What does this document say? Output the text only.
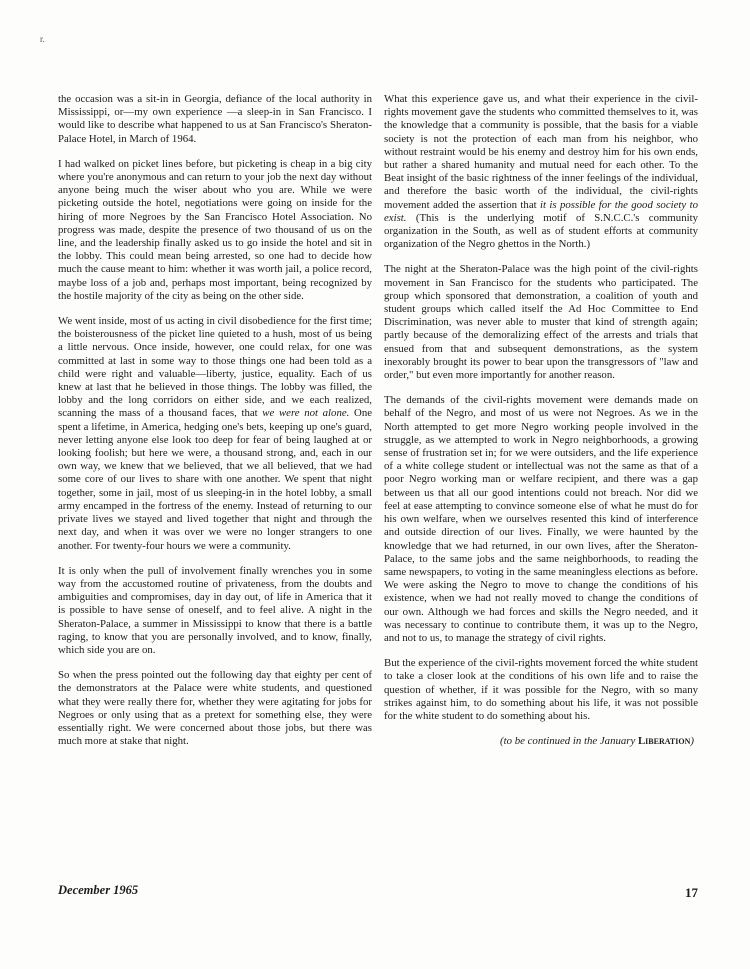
r.

the occasion was a sit-in in Georgia, defiance of the local authority in Mississippi, or—my own experience —a sleep-in in San Francisco. I would like to describe what happened to us at San Francisco's Sheraton-Palace Hotel, in March of 1964.

I had walked on picket lines before, but picketing is cheap in a big city where you're anonymous and can return to your job the next day without anyone being much the wiser about who you are. While we were picketing outside the hotel, negotiations were going on inside for the hiring of more Negroes by the San Francisco Hotel Association. No progress was made, despite the presence of two thousand of us on the line, and the leadership finally asked us to go inside the hotel and sit in the lobby. This could mean being arrested, so one had to decide how much the cause meant to him: whether it was worth jail, a police record, maybe loss of a job and, perhaps most important, being recognized by the hostile majority of the city as being on the other side.

We went inside, most of us acting in civil disobedience for the first time; the boisterousness of the picket line quieted to a hush, most of us being a little nervous. Once inside, however, one could relax, for one was committed at last in some way to those things one had been told as a child were right and valuable—liberty, justice, equality. Each of us knew at last that he believed in those things. The lobby was filled, the lobby and the long corridors on either side, and we each realized, scanning the mass of a thousand faces, that we were not alone. One spent a lifetime, in America, hedging one's bets, keeping up one's guard, never letting anyone else look too deep for fear of being laughed at or looking foolish; but here we were, a thousand strong, and, each in our own way, we knew that we believed, that we all believed, that we had some core of our lives to share with one another. We spent that night together, some in jail, most of us sleeping-in in the hotel lobby, a small army encamped in the fortress of the enemy. Instead of returning to our private lives we stayed and lived together that night and through the next day, and when it was over we were no longer strangers to one another. For twenty-four hours we were a community.

It is only when the pull of involvement finally wrenches you in some way from the accustomed routine of privateness, from the doubts and ambiguities and compromises, day in day out, of life in America that it is possible to have sense of oneself, and to feel alive. A night in the Sheraton-Palace, a summer in Mississippi to know that there is a battle raging, to know that you are personally involved, and to know, finally, which side you are on.

So when the press pointed out the following day that eighty per cent of the demonstrators at the Palace were white students, and questioned what they were really there for, whether they were agitating for jobs for Negroes or only using that as a pretext for something else, they were essentially right. We were concerned about those jobs, but there was much more at stake that night.

What this experience gave us, and what their experience in the civil-rights movement gave the students who committed themselves to it, was the knowledge that a community is possible, that the basis for a viable society is not the protection of each man from his neighbor, who without restraint would be his enemy and destroy him for his own ends, but rather a shared humanity and mutual need for each other. To the Beat insight of the basic rightness of the inner feelings of the individual, and therefore the basic worth of the individual, the civil-rights movement added the assertion that it is possible for the good society to exist. (This is the underlying motif of S.N.C.C.'s community organization in the South, as well as of student efforts at community organization of the Negro ghettos in the North.)

The night at the Sheraton-Palace was the high point of the civil-rights movement in San Francisco for the students who participated. The group which sponsored that demonstration, a coalition of youth and student groups which called itself the Ad Hoc Committee to End Discrimination, was never able to muster that kind of strength again; partly because of the demoralizing effect of the arrests and trials that ensued from that and subsequent demonstrations, as the system inexorably brought its power to bear upon the transgressors of "law and order," but even more importantly for another reason.

The demands of the civil-rights movement were demands made on behalf of the Negro, and most of us were not Negroes. As we in the North attempted to get more Negro working people involved in the struggle, as we attempted to work in Negro neighborhoods, a growing sense of frustration set in; for we were outsiders, and the life experience of a white college student or intellectual was not the same as that of a poor Negro working man or welfare recipient, and there was a gap between us that all our good intentions could not breach. Nor did we feel at ease attempting to convince someone else of what he must do for his own welfare, when we ourselves resented this kind of interference and outside direction of our lives. Finally, we were haunted by the knowledge that we had returned, in our own lives, after the Sheraton-Palace, to the same jobs and the same neighborhoods, to reading the same newspapers, to voting in the same meaningless elections as before. We were asking the Negro to move to change the conditions of his existence, when we had not really moved to change the conditions of our own. Although we had forces and skills the Negro needed, and it was necessary to continue to contribute them, it was up to the Negro, and not to us, to manage the strategy of civil rights.

But the experience of the civil-rights movement forced the white student to take a closer look at the conditions of his own life and to raise the question of whether, if it was possible for the Negro, with so many strikes against him, to do something about his life, it was not possible for the white student to do something about his.

(to be continued in the January Liberation)
December 1965	17
